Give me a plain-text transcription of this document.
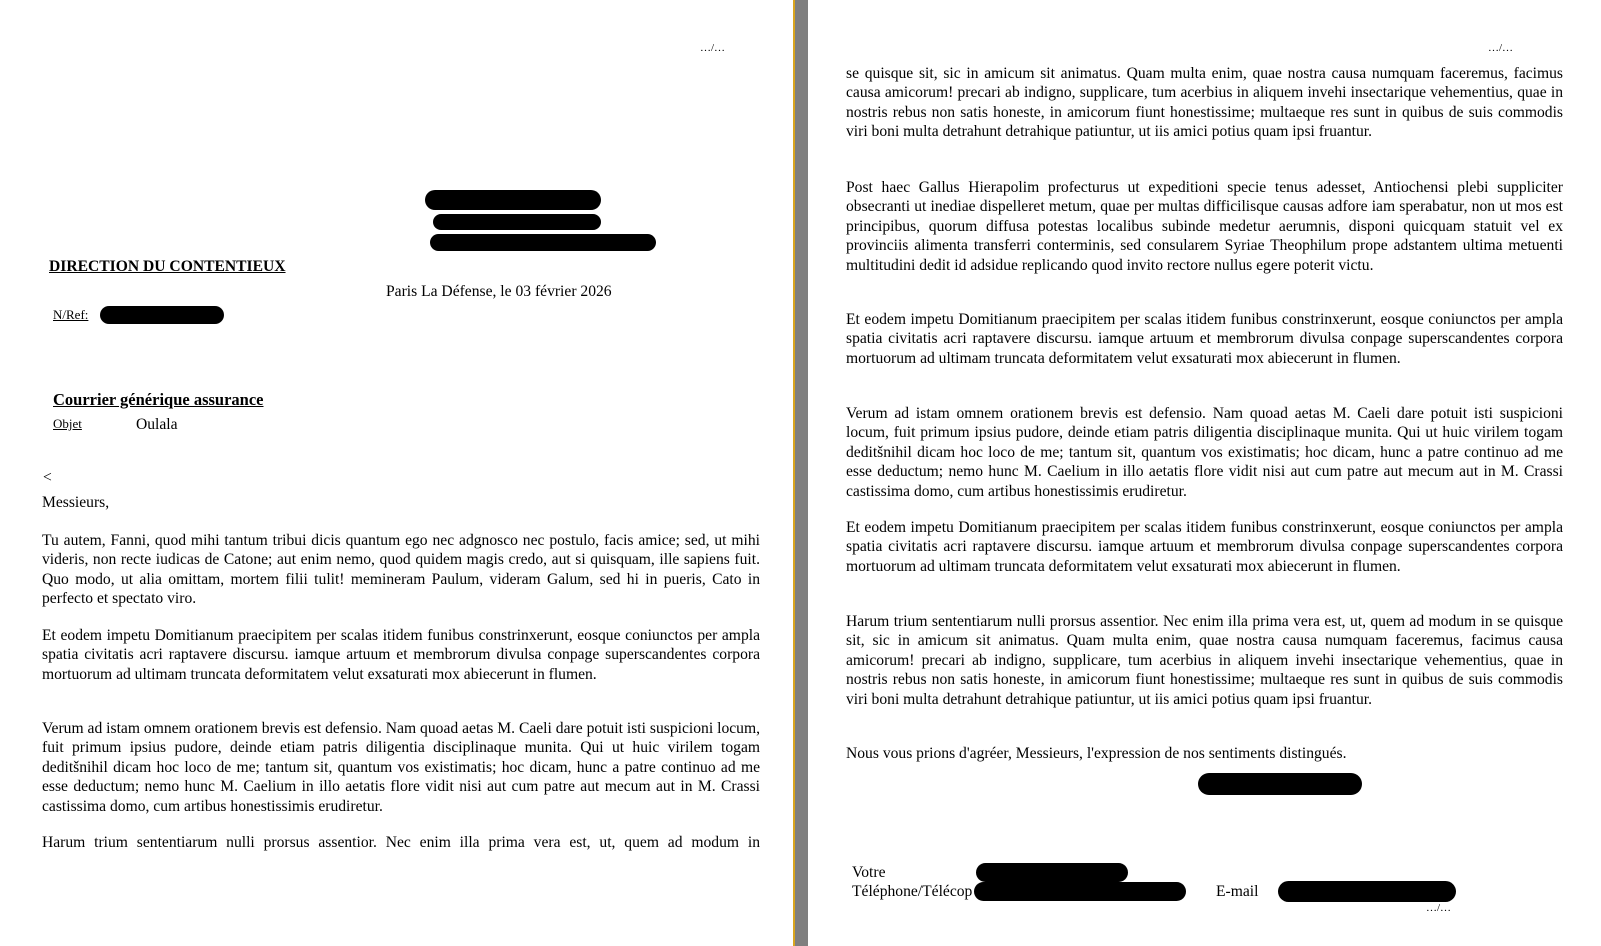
…/…
DIRECTION DU CONTENTIEUX
Paris La Défense, le 03 février 2026
N/Ref:
Courrier générique assurance
Objet	Oulala
<
Messieurs,

Tu autem, Fanni, quod mihi tantum tribui dicis quantum ego nec adgnosco nec postulo, facis amice; sed, ut mihi videris, non recte iudicas de Catone; aut enim nemo, quod quidem magis credo, aut si quisquam, ille sapiens fuit. Quo modo, ut alia omittam, mortem filii tulit! memineram Paulum, videram Galum, sed hi in pueris, Cato in perfecto et spectato viro.

Et eodem impetu Domitianum praecipitem per scalas itidem funibus constrinxerunt, eosque coniunctos per ampla spatia civitatis acri raptavere discursu. iamque artuum et membrorum divulsa conpage superscandentes corpora mortuorum ad ultimam truncata deformitatem velut exsaturati mox abiecerunt in flumen.

Verum ad istam omnem orationem brevis est defensio. Nam quoad aetas M. Caeli dare potuit isti suspicioni locum, fuit primum ipsius pudore, deinde etiam patris diligentia disciplinaque munita. Qui ut huic virilem togam deditšnihil dicam hoc loco de me; tantum sit, quantum vos existimatis; hoc dicam, hunc a patre continuo ad me esse deductum; nemo hunc M. Caelium in illo aetatis flore vidit nisi aut cum patre aut mecum aut in M. Crassi castissima domo, cum artibus honestissimis erudiretur.

Harum trium sententiarum nulli prorsus assentior. Nec enim illa prima vera est, ut, quem ad modum in

…/…

se quisque sit, sic in amicum sit animatus. Quam multa enim, quae nostra causa numquam faceremus, facimus causa amicorum! precari ab indigno, supplicare, tum acerbius in aliquem invehi insectarique vehementius, quae in nostris rebus non satis honeste, in amicorum fiunt honestissime; multaeque res sunt in quibus de suis commodis viri boni multa detrahunt detrahique patiuntur, ut iis amici potius quam ipsi fruantur.

Post haec Gallus Hierapolim profecturus ut expeditioni specie tenus adesset, Antiochensi plebi suppliciter obsecranti ut inediae dispelleret metum, quae per multas difficilisque causas adfore iam sperabatur, non ut mos est principibus, quorum diffusa potestas localibus subinde medetur aerumnis, disponi quicquam statuit vel ex provinciis alimenta transferri conterminis, sed consularem Syriae Theophilum prope adstantem ultima metuenti multitudini dedit id adsidue replicando quod invito rectore nullus egere poterit victu.

Et eodem impetu Domitianum praecipitem per scalas itidem funibus constrinxerunt, eosque coniunctos per ampla spatia civitatis acri raptavere discursu. iamque artuum et membrorum divulsa conpage superscandentes corpora mortuorum ad ultimam truncata deformitatem velut exsaturati mox abiecerunt in flumen.

Verum ad istam omnem orationem brevis est defensio. Nam quoad aetas M. Caeli dare potuit isti suspicioni locum, fuit primum ipsius pudore, deinde etiam patris diligentia disciplinaque munita. Qui ut huic virilem togam deditšnihil dicam hoc loco de me; tantum sit, quantum vos existimatis; hoc dicam, hunc a patre continuo ad me esse deductum; nemo hunc M. Caelium in illo aetatis flore vidit nisi aut cum patre aut mecum aut in M. Crassi castissima domo, cum artibus honestissimis erudiretur.

Et eodem impetu Domitianum praecipitem per scalas itidem funibus constrinxerunt, eosque coniunctos per ampla spatia civitatis acri raptavere discursu. iamque artuum et membrorum divulsa conpage superscandentes corpora mortuorum ad ultimam truncata deformitatem velut exsaturati mox abiecerunt in flumen.

Harum trium sententiarum nulli prorsus assentior. Nec enim illa prima vera est, ut, quem ad modum in se quisque sit, sic in amicum sit animatus. Quam multa enim, quae nostra causa numquam faceremus, facimus causa amicorum! precari ab indigno, supplicare, tum acerbius in aliquem invehi insectarique vehementius, quae in nostris rebus non satis honeste, in amicorum fiunt honestissime; multaeque res sunt in quibus de suis commodis viri boni multa detrahunt detrahique patiuntur, ut iis amici potius quam ipsi fruantur.

Nous vous prions d'agréer, Messieurs, l'expression de nos sentiments distingués.
Votre
Téléphone/Télécop	E-mail
…/…
